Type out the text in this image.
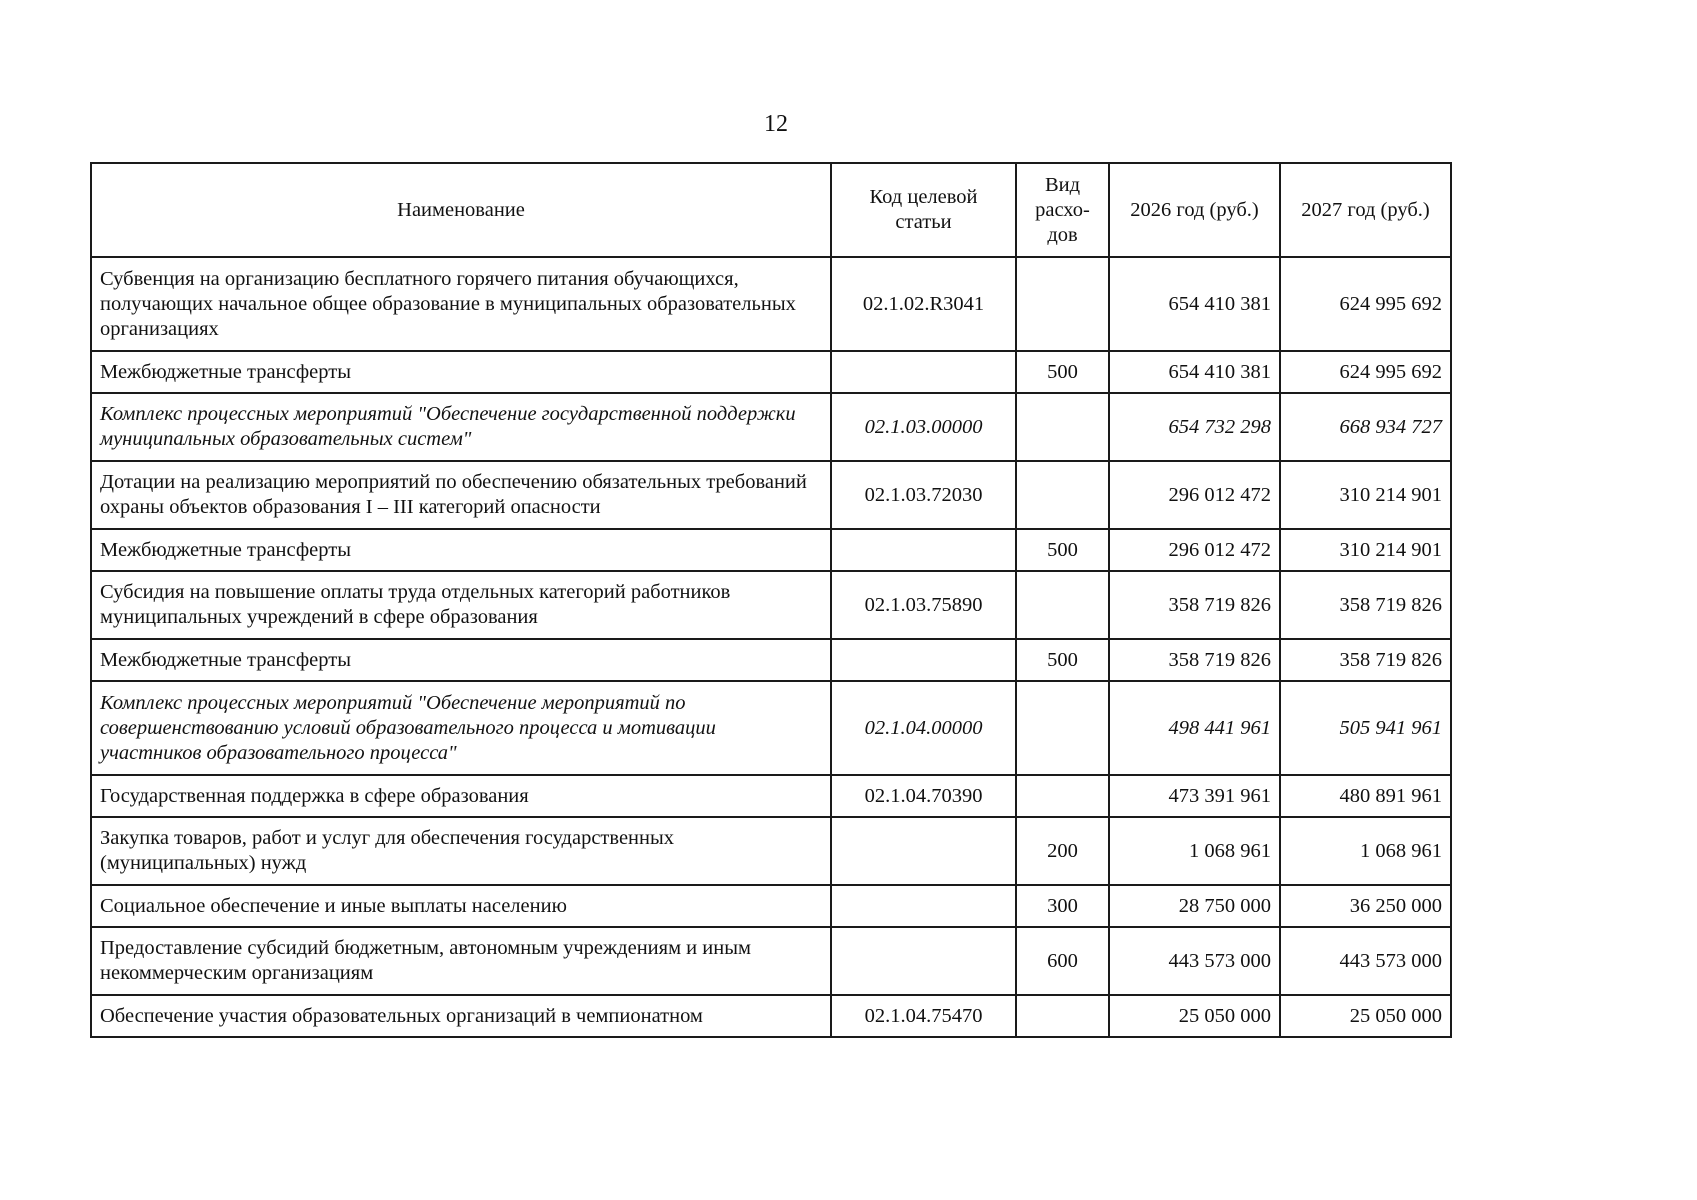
12
Наименование	Код целевой статьи	Вид расхо-дов	2026 год (руб.)	2027 год (руб.)
Субвенция на организацию бесплатного горячего питания обучающихся, получающих начальное общее образование в муниципальных образовательных организациях	02.1.02.R3041		654 410 381	624 995 692
Межбюджетные трансферты		500	654 410 381	624 995 692
Комплекс процессных мероприятий "Обеспечение государственной поддержки муниципальных образовательных систем"	02.1.03.00000		654 732 298	668 934 727
Дотации на реализацию мероприятий по обеспечению обязательных требований охраны объектов образования I – III категорий опасности	02.1.03.72030		296 012 472	310 214 901
Межбюджетные трансферты		500	296 012 472	310 214 901
Субсидия на повышение оплаты труда отдельных категорий работников муниципальных учреждений в сфере образования	02.1.03.75890		358 719 826	358 719 826
Межбюджетные трансферты		500	358 719 826	358 719 826
Комплекс процессных мероприятий "Обеспечение мероприятий по совершенствованию условий образовательного процесса и мотивации участников образовательного процесса"	02.1.04.00000		498 441 961	505 941 961
Государственная поддержка в сфере образования	02.1.04.70390		473 391 961	480 891 961
Закупка товаров, работ и услуг для обеспечения государственных (муниципальных) нужд		200	1 068 961	1 068 961
Социальное обеспечение и иные выплаты населению		300	28 750 000	36 250 000
Предоставление субсидий бюджетным, автономным учреждениям и иным некоммерческим организациям		600	443 573 000	443 573 000
Обеспечение участия образовательных организаций в чемпионатном	02.1.04.75470		25 050 000	25 050 000
